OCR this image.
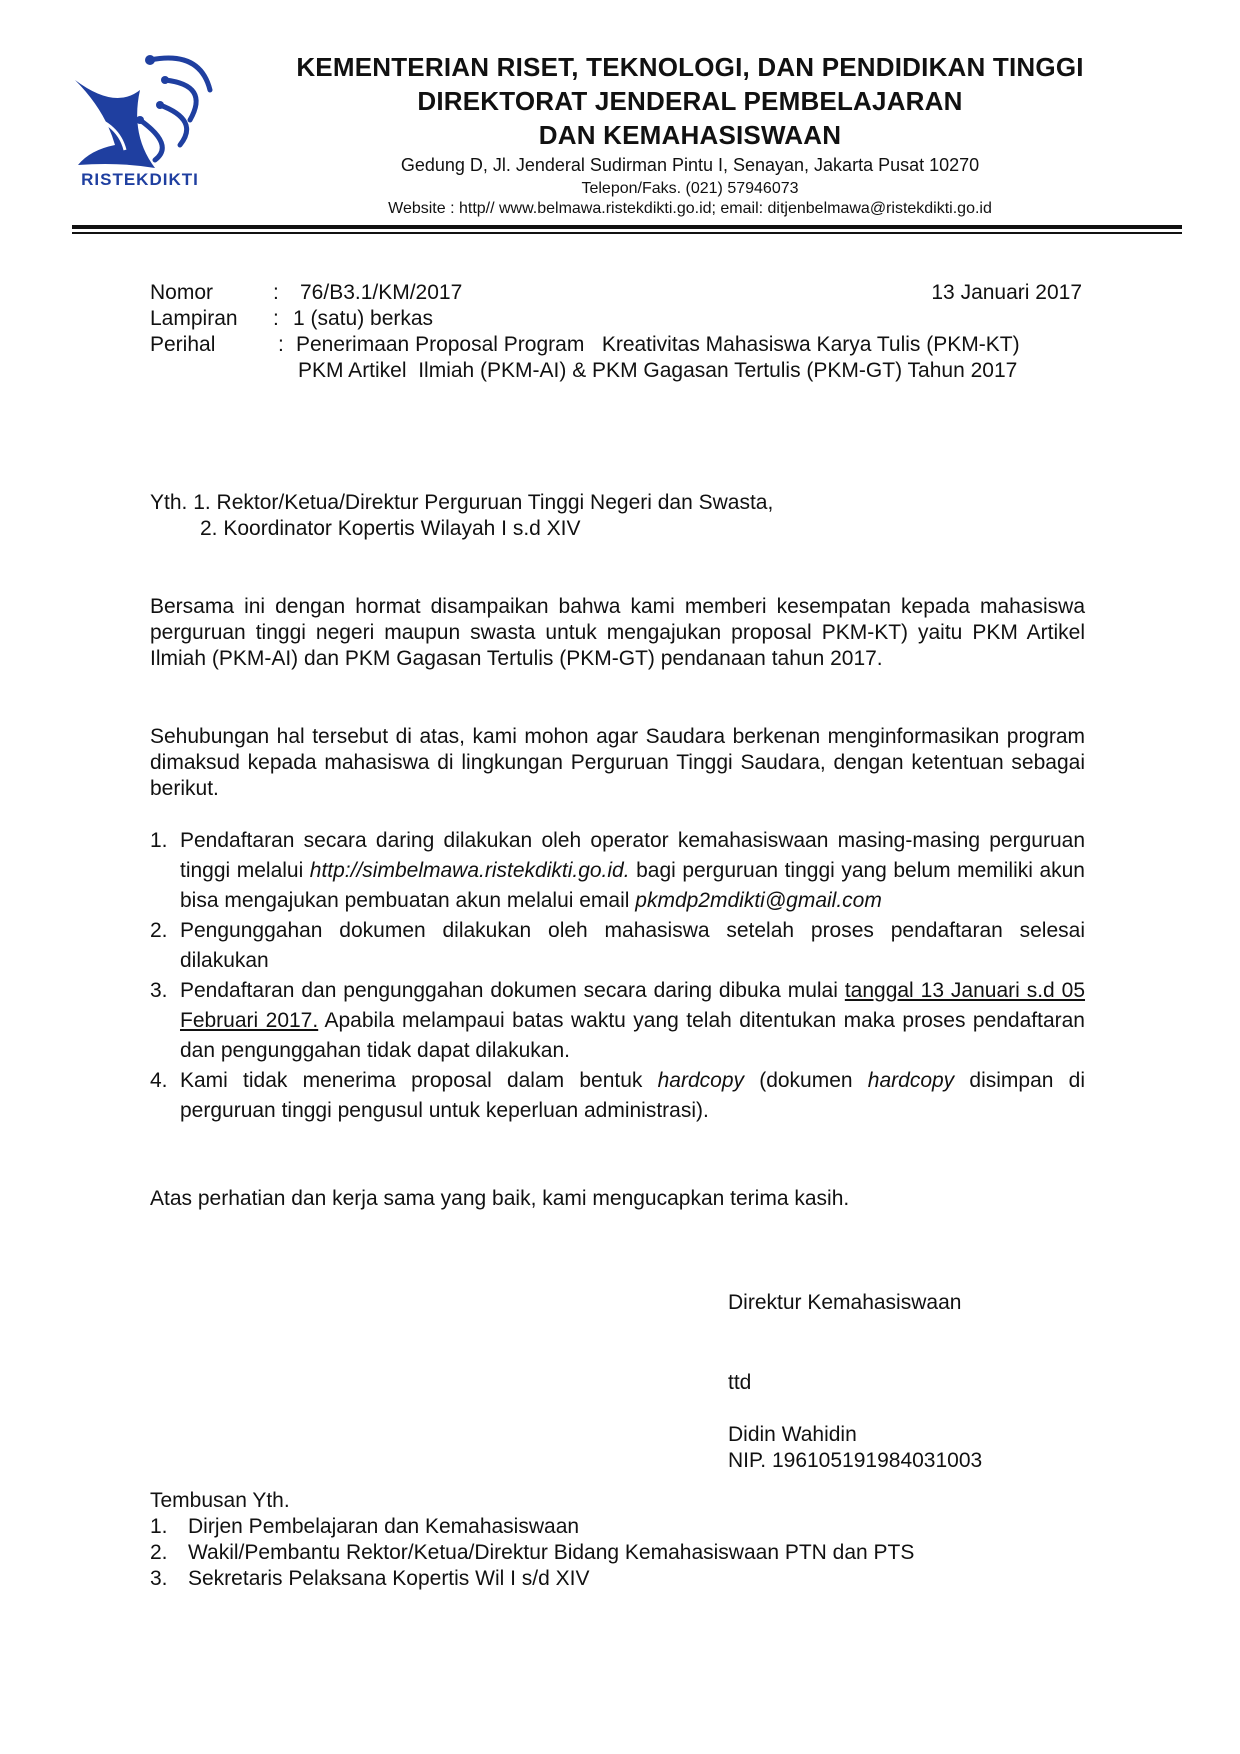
RISTEKDIKTI
KEMENTERIAN RISET, TEKNOLOGI, DAN PENDIDIKAN TINGGI
DIREKTORAT JENDERAL PEMBELAJARAN
DAN KEMAHASISWAAN
Gedung D, Jl. Jenderal Sudirman Pintu I, Senayan, Jakarta Pusat 10270
Telepon/Faks. (021) 57946073
Website : http// www.belmawa.ristekdikti.go.id; email: ditjenbelmawa@ristekdikti.go.id
Nomor	: 76/B3.1/KM/2017	13 Januari 2017
Lampiran	: 1 (satu) berkas
Perihal	: Penerimaan Proposal Program   Kreativitas Mahasiswa Karya Tulis (PKM-KT)
PKM Artikel  Ilmiah (PKM-AI) & PKM Gagasan Tertulis (PKM-GT) Tahun 2017
Yth. 1. Rektor/Ketua/Direktur Perguruan Tinggi Negeri dan Swasta,
2. Koordinator Kopertis Wilayah I s.d XIV
Bersama ini dengan hormat disampaikan bahwa kami memberi kesempatan kepada mahasiswa perguruan tinggi negeri maupun swasta untuk mengajukan proposal PKM-KT) yaitu PKM Artikel Ilmiah (PKM-AI) dan PKM Gagasan Tertulis (PKM-GT) pendanaan tahun 2017.
Sehubungan hal tersebut di atas, kami mohon agar Saudara berkenan menginformasikan program dimaksud kepada mahasiswa di lingkungan Perguruan Tinggi Saudara, dengan ketentuan sebagai berikut.
1. Pendaftaran secara daring dilakukan oleh operator kemahasiswaan masing-masing perguruan tinggi melalui http://simbelmawa.ristekdikti.go.id. bagi perguruan tinggi yang belum memiliki akun bisa mengajukan pembuatan akun melalui email pkmdp2mdikti@gmail.com
2. Pengunggahan dokumen dilakukan oleh mahasiswa setelah proses pendaftaran selesai dilakukan
3. Pendaftaran dan pengunggahan dokumen secara daring dibuka mulai tanggal 13 Januari s.d 05 Februari 2017. Apabila melampaui batas waktu yang telah ditentukan maka proses pendaftaran dan pengunggahan tidak dapat dilakukan.
4. Kami tidak menerima proposal dalam bentuk hardcopy (dokumen hardcopy disimpan di perguruan tinggi pengusul untuk keperluan administrasi).
Atas perhatian dan kerja sama yang baik, kami mengucapkan terima kasih.
Direktur Kemahasiswaan
ttd
Didin Wahidin
NIP. 196105191984031003
Tembusan Yth.
1. Dirjen Pembelajaran dan Kemahasiswaan
2. Wakil/Pembantu Rektor/Ketua/Direktur Bidang Kemahasiswaan PTN dan PTS
3. Sekretaris Pelaksana Kopertis Wil I s/d XIV
